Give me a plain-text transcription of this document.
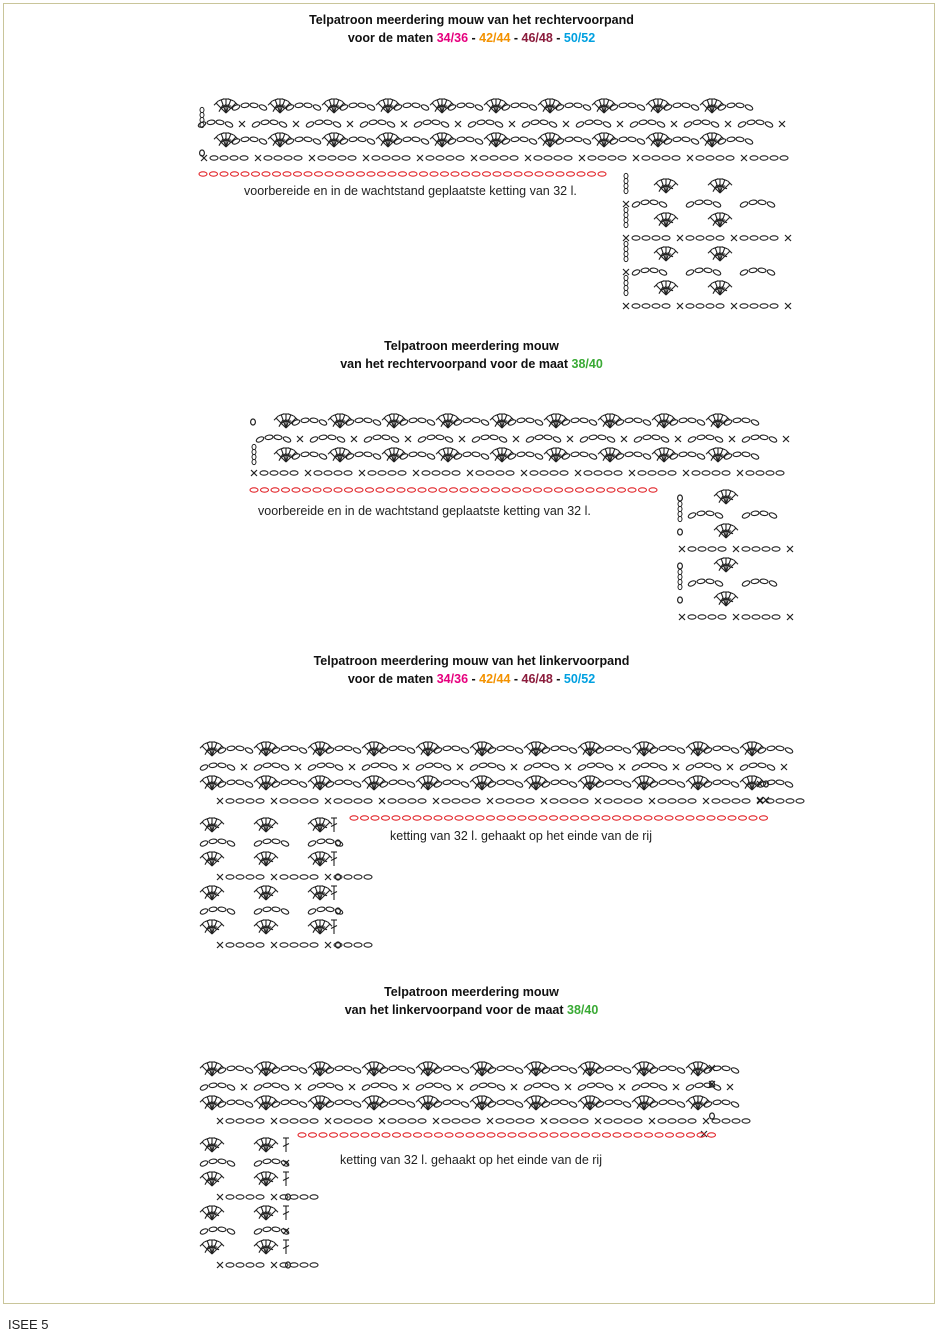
Telpatroon meerdering mouw van het rechtervoorpand
voor de maten 34/36 - 42/44 - 46/48 - 50/52
voorbereide en in de wachtstand geplaatste ketting van 32 l.
Telpatroon meerdering mouw
van het rechtervoorpand voor de maat 38/40
voorbereide en in de wachtstand geplaatste ketting van 32 l.
Telpatroon meerdering mouw van het linkervoorpand
voor de maten 34/36 - 42/44 - 46/48 - 50/52
ketting van 32 l. gehaakt op het einde van de rij
Telpatroon meerdering mouw
van het linkervoorpand voor de maat 38/40
ketting van 32 l. gehaakt op het einde van de rij
ISEE 5
